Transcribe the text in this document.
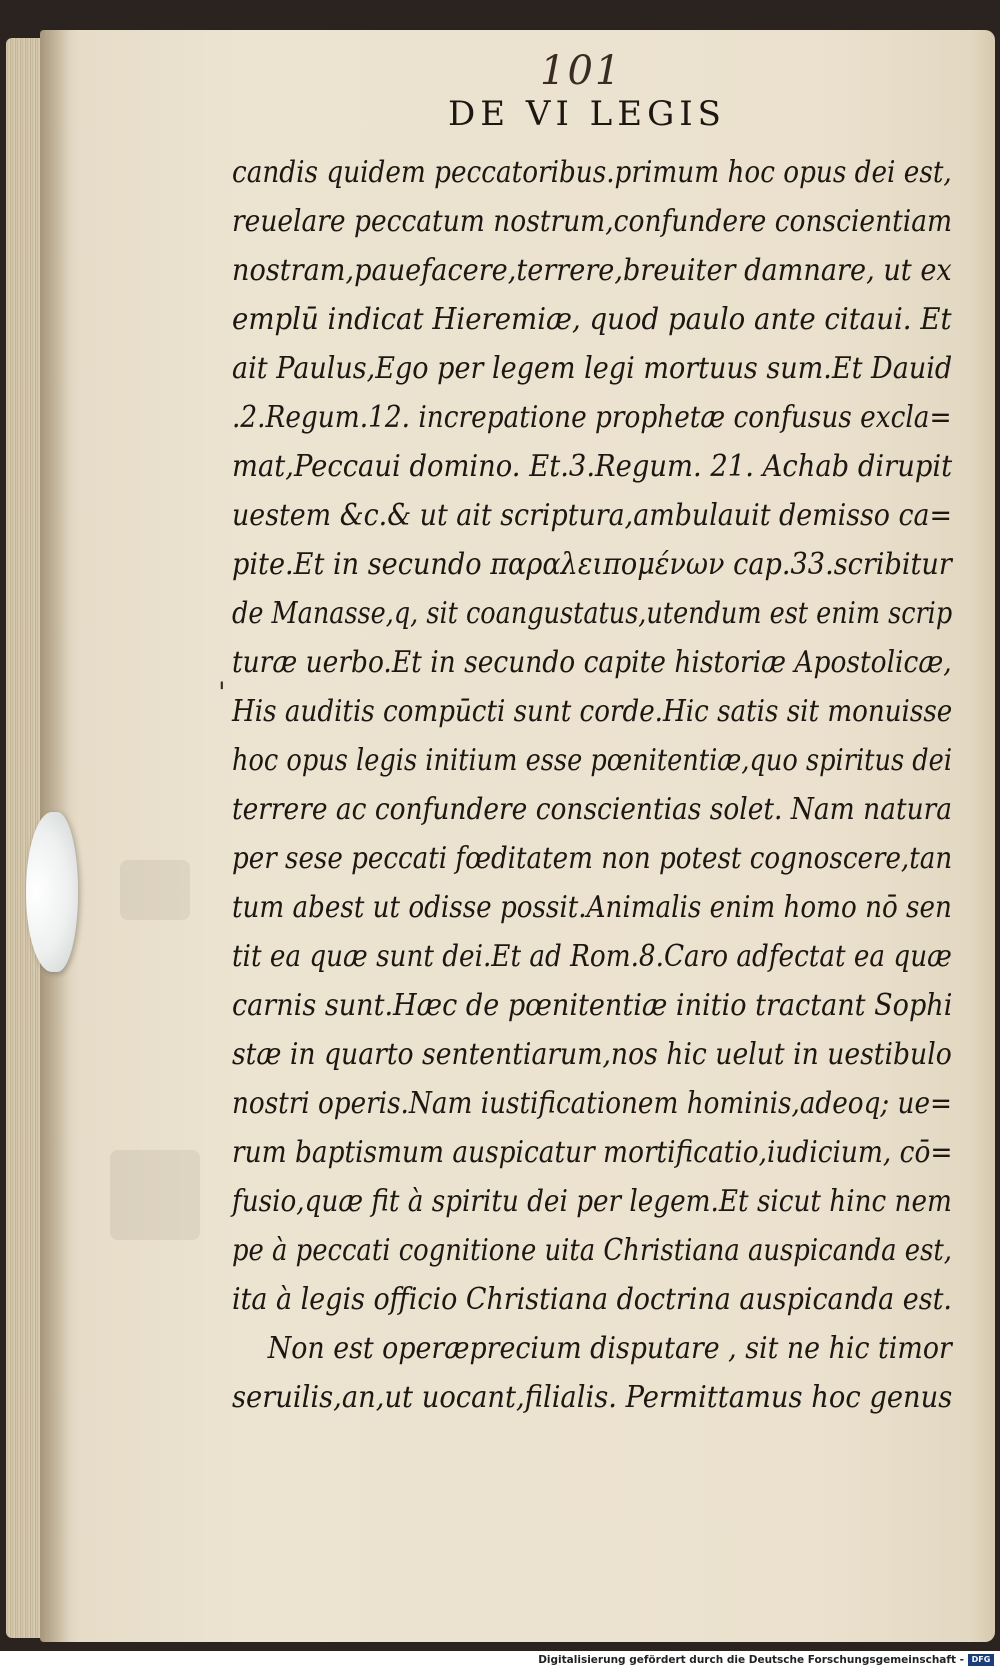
101
DE VI LEGIS
'
candis quidem peccatoribus.primum hoc opus dei est,
reuelare peccatum nostrum,confundere conscientiam
nostram,pauefacere,terrere,breuiter damnare, ut ex
emplū indicat Hieremiæ, quod paulo ante citaui. Et
ait Paulus,Ego per legem legi mortuus sum.Et Dauid
.2.Regum.12. increpatione prophetæ confusus excla=
mat,Peccaui domino. Et.3.Regum. 21. Achab dirupit
uestem &c.& ut ait scriptura,ambulauit demisso ca=
pite.Et in secundo παραλειπομένων cap.33.scribitur
de Manasse,q, sit coangustatus,utendum est enim scrip
turæ uerbo.Et in secundo capite historiæ Apostolicæ,
His auditis compūcti sunt corde.Hic satis sit monuisse
hoc opus legis initium esse pœnitentiæ,quo spiritus dei
terrere ac confundere conscientias solet. Nam natura
per sese peccati fœditatem non potest cognoscere,tan
tum abest ut odisse possit.Animalis enim homo nō sen
tit ea quæ sunt dei.Et ad Rom.8.Caro adfectat ea quæ
carnis sunt.Hæc de pœnitentiæ initio tractant Sophi
stæ in quarto sententiarum,nos hic uelut in uestibulo
nostri operis.Nam iustificationem hominis,adeoq; ue=
rum baptismum auspicatur mortificatio,iudicium, cō=
fusio,quæ fit à spiritu dei per legem.Et sicut hinc nem
pe à peccati cognitione uita Christiana auspicanda est,
ita à legis officio Christiana doctrina auspicanda est.
Non est operæprecium disputare , sit ne hic timor
seruilis,an,ut uocant,filialis. Permittamus hoc genus
Digitalisierung gefördert durch die Deutsche Forschungsgemeinschaft - DFG
